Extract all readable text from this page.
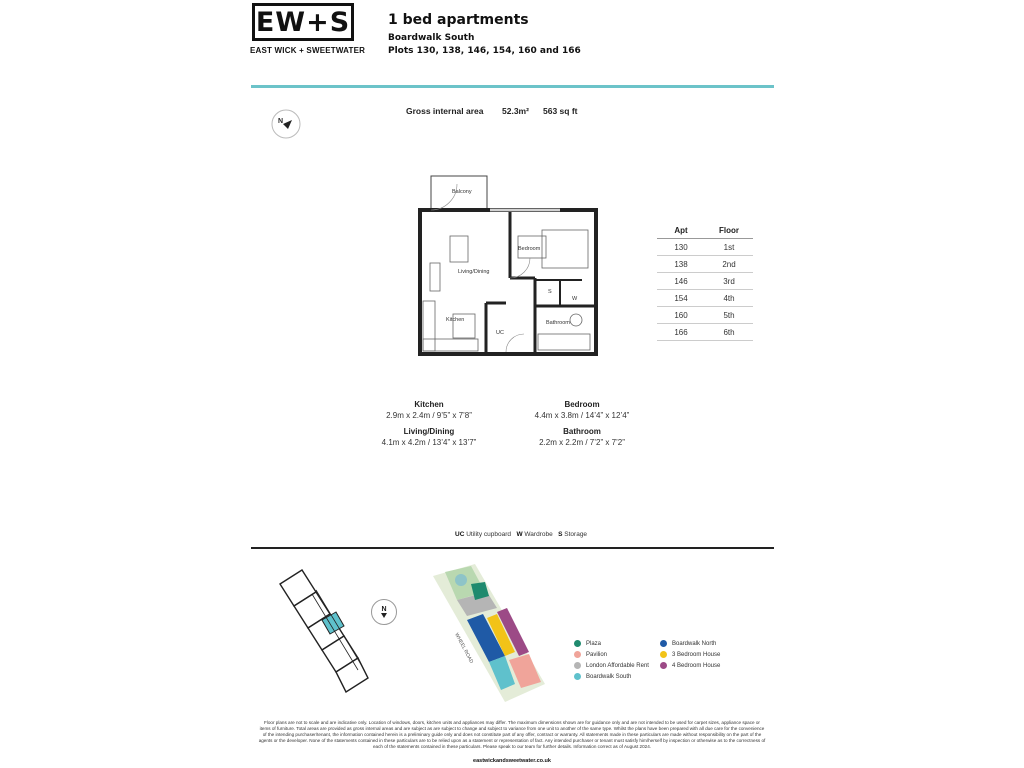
EW+S
EAST WICK + SWEETWATER
1 bed apartments
Boardwalk South
Plots 130, 138, 146, 154, 160 and 166
N
Gross internal area 52.3m² 563 sq ft
Balcony
Bedroom
Living/Dining
Kitchen	Bathroom
UC
S
W
Apt	Floor
130	1st
138	2nd
146	3rd
154	4th
160	5th
166	6th
Kitchen
2.9m x 2.4m / 9’5” x 7’8”
Bedroom
4.4m x 3.8m / 14’4” x 12’4”
Living/Dining
4.1m x 4.2m / 13’4” x 13’7”
Bathroom
2.2m x 2.2m / 7’2” x 7’2”
UC Utility cupboard W Wardrobe S Storage
N
WHEEL ROAD	Plaza
Pavilion
London Affordable Rent
Boardwalk South
Boardwalk North
3 Bedroom House
4 Bedroom House
Floor plans are not to scale and are indicative only. Location of windows, doors, kitchen units and appliances may differ. The maximum dimensions shown are for guidance only and are not intended to be used for carpet sizes, appliance space or items of furniture. Total areas are provided as gross internal areas and are subject as are subject to change and subject to variance from one unit to another of the same type. Whilst the plans have been prepared with all due care for the convenience of the intending purchaser/tenant, the information contained herein is a preliminary guide only and does not constitute part of any offer, contract or warranty. All statements made in these particulars are made without responsibility on the part of the agents or the developer. None of the statements contained in these particulars are to be relied upon as a statement or representation of fact. Any intended purchaser or tenant must satisfy him/herself by inspection or otherwise as to the correctness of each of the statements contained in these particulars. Please speak to our team for further details. Information correct as of August 2024.
eastwickandsweetwater.co.uk
